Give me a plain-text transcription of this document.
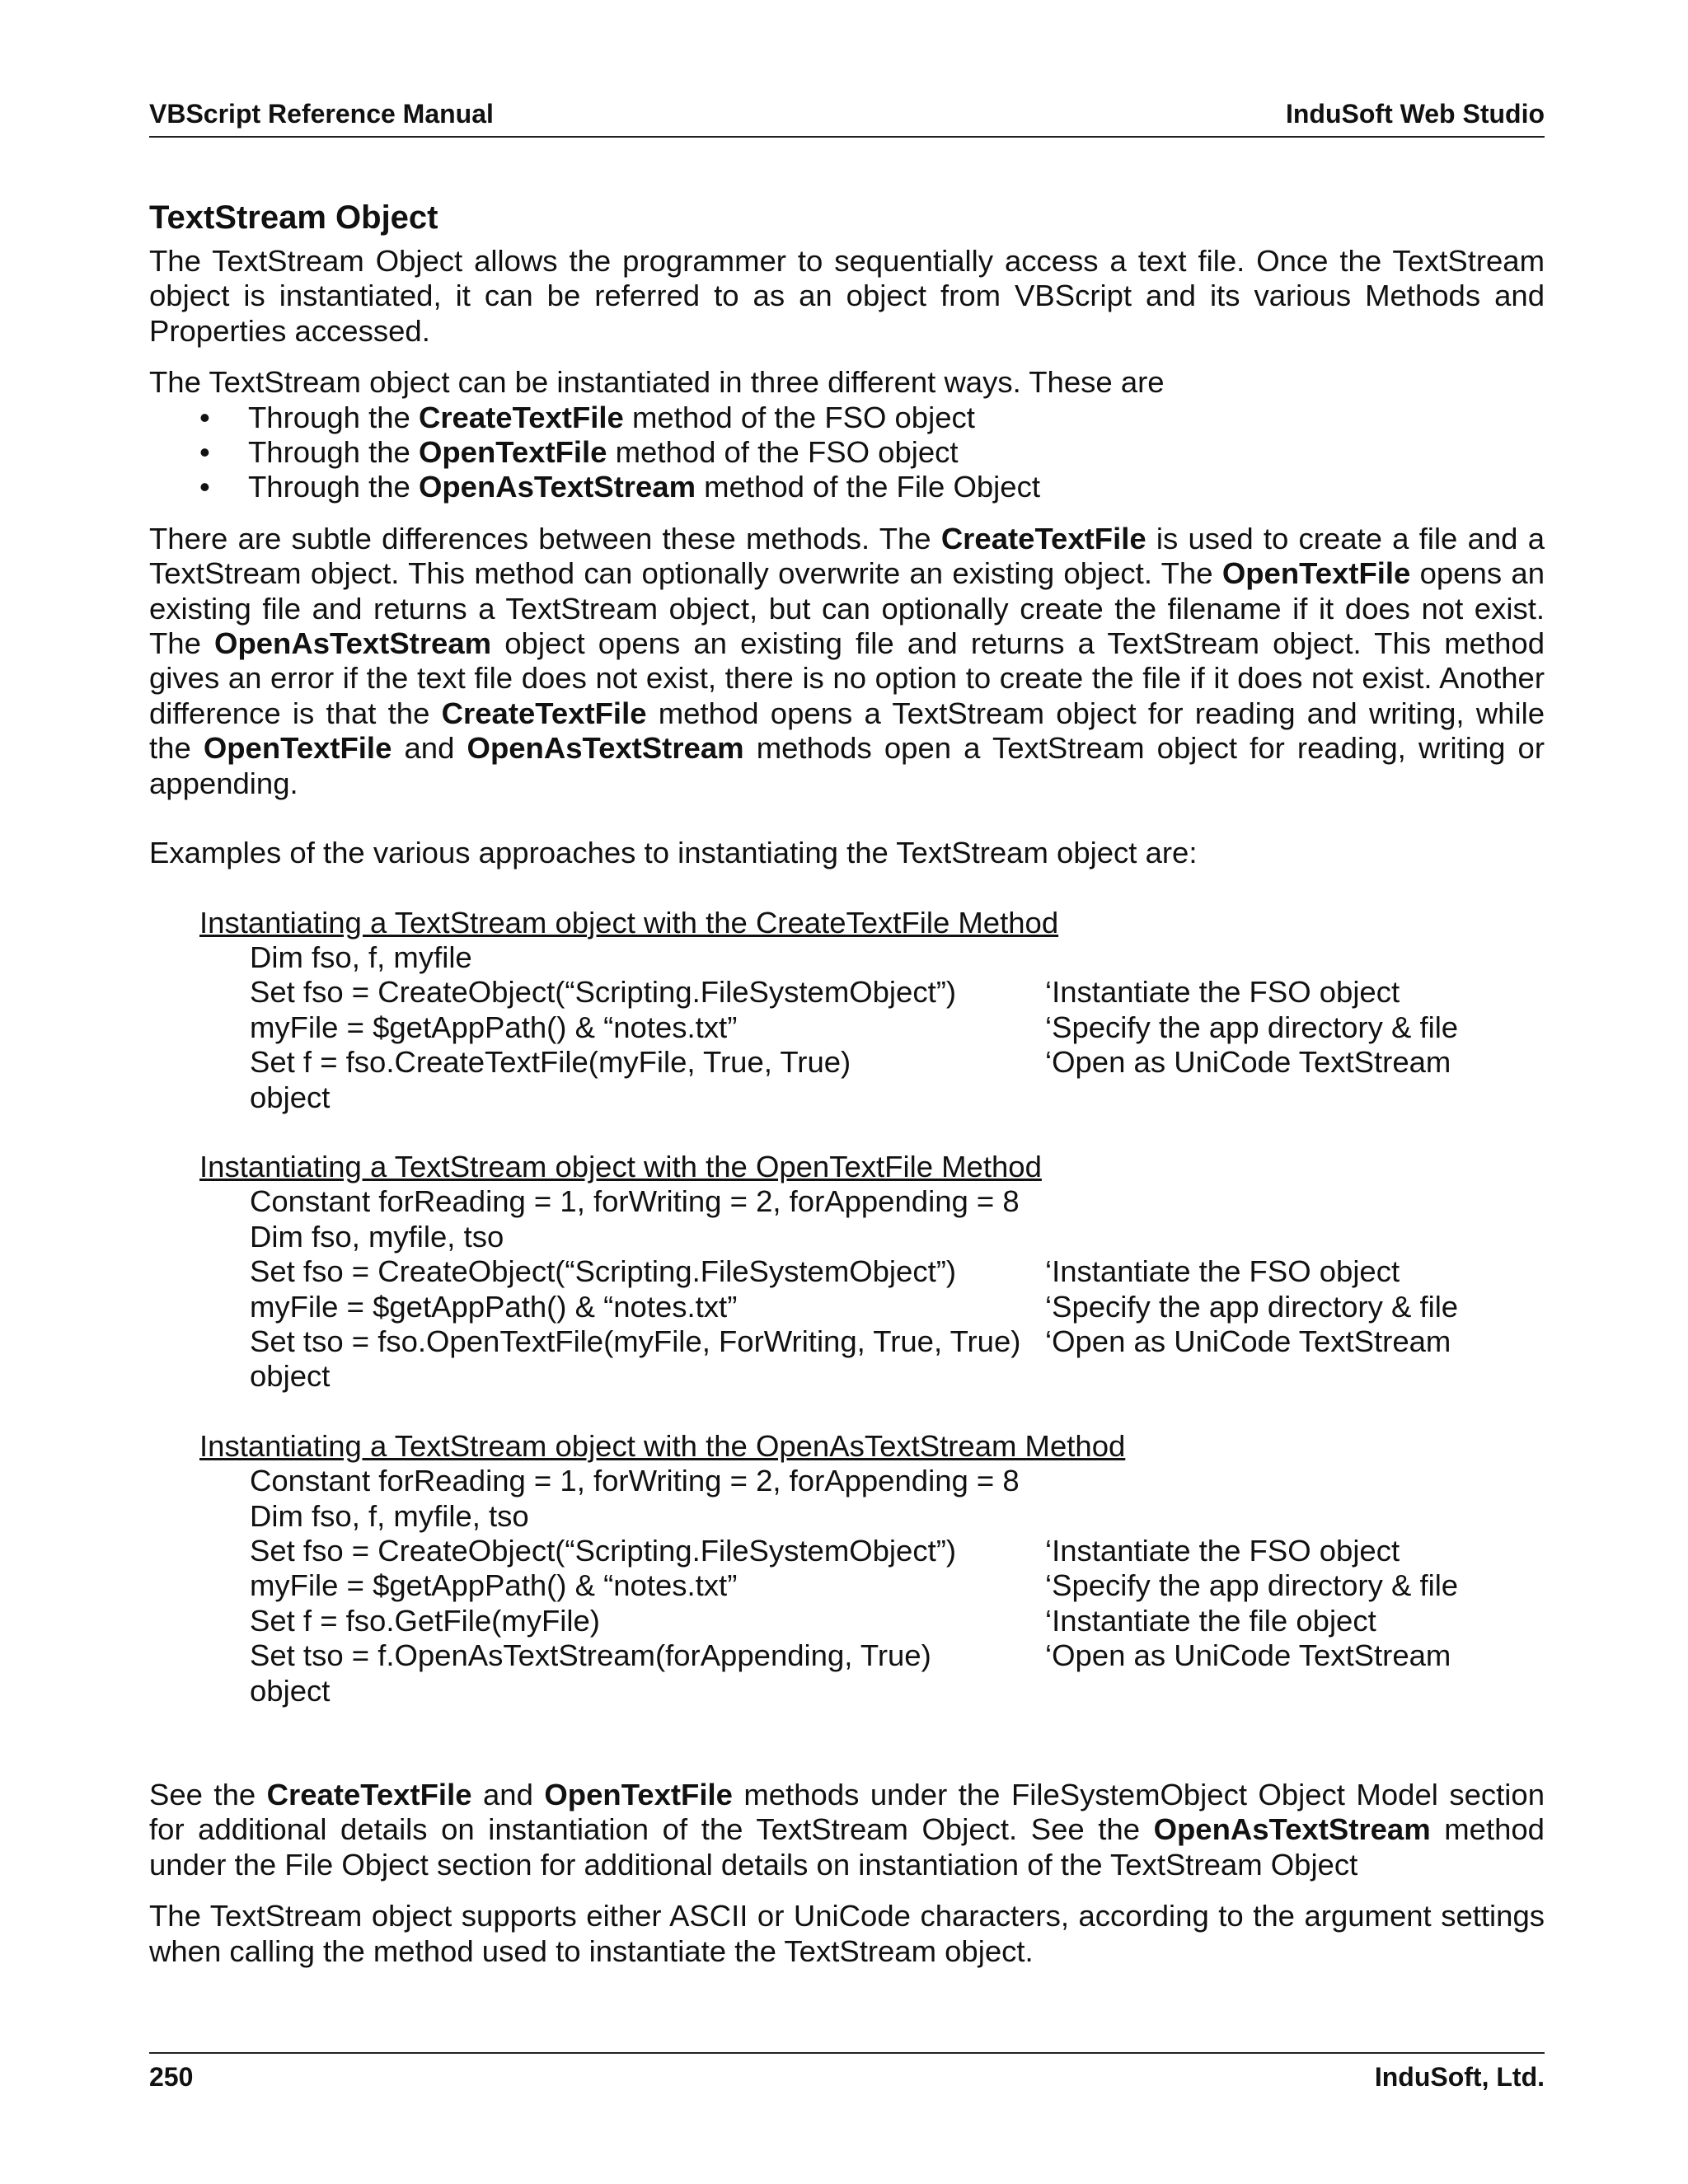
VBScript Reference Manual	InduSoft Web Studio
TextStream Object

The TextStream Object allows the programmer to sequentially access a text file. Once the TextStream object is instantiated, it can be referred to as an object from VBScript and its various Methods and Properties accessed.

The TextStream object can be instantiated in three different ways. These are

• Through the CreateTextFile method of the FSO object
• Through the OpenTextFile method of the FSO object
• Through the OpenAsTextStream method of the File Object

There are subtle differences between these methods. The CreateTextFile is used to create a file and a TextStream object. This method can optionally overwrite an existing object. The OpenTextFile opens an existing file and returns a TextStream object, but can optionally create the filename if it does not exist. The OpenAsTextStream object opens an existing file and returns a TextStream object. This method gives an error if the text file does not exist, there is no option to create the file if it does not exist. Another difference is that the CreateTextFile method opens a TextStream object for reading and writing, while the OpenTextFile and OpenAsTextStream methods open a TextStream object for reading, writing or appending.

Examples of the various approaches to instantiating the TextStream object are:

Instantiating a TextStream object with the CreateTextFile Method
Dim fso, f, myfile
Set fso = CreateObject(“Scripting.FileSystemObject”)	‘Instantiate the FSO object
myFile = $getAppPath() & “notes.txt”	‘Specify the app directory & file
Set f = fso.CreateTextFile(myFile, True, True)	‘Open as UniCode TextStream
object
Instantiating a TextStream object with the OpenTextFile Method
Constant forReading = 1, forWriting = 2, forAppending = 8
Dim fso, myfile, tso
Set fso = CreateObject(“Scripting.FileSystemObject”)	‘Instantiate the FSO object
myFile = $getAppPath() & “notes.txt”	‘Specify the app directory & file
Set tso = fso.OpenTextFile(myFile, ForWriting, True, True) ‘Open as UniCode TextStream
object
Instantiating a TextStream object with the OpenAsTextStream Method
Constant forReading = 1, forWriting = 2, forAppending = 8
Dim fso, f, myfile, tso
Set fso = CreateObject(“Scripting.FileSystemObject”)	‘Instantiate the FSO object
myFile = $getAppPath() & “notes.txt”	‘Specify the app directory & file
Set f = fso.GetFile(myFile)	‘Instantiate the file object
Set tso = f.OpenAsTextStream(forAppending, True)	‘Open as UniCode TextStream
object

See the CreateTextFile and OpenTextFile methods under the FileSystemObject Object Model section for additional details on instantiation of the TextStream Object. See the OpenAsTextStream method under the File Object section for additional details on instantiation of the TextStream Object

The TextStream object supports either ASCII or UniCode characters, according to the argument settings when calling the method used to instantiate the TextStream object.

250	InduSoft, Ltd.
